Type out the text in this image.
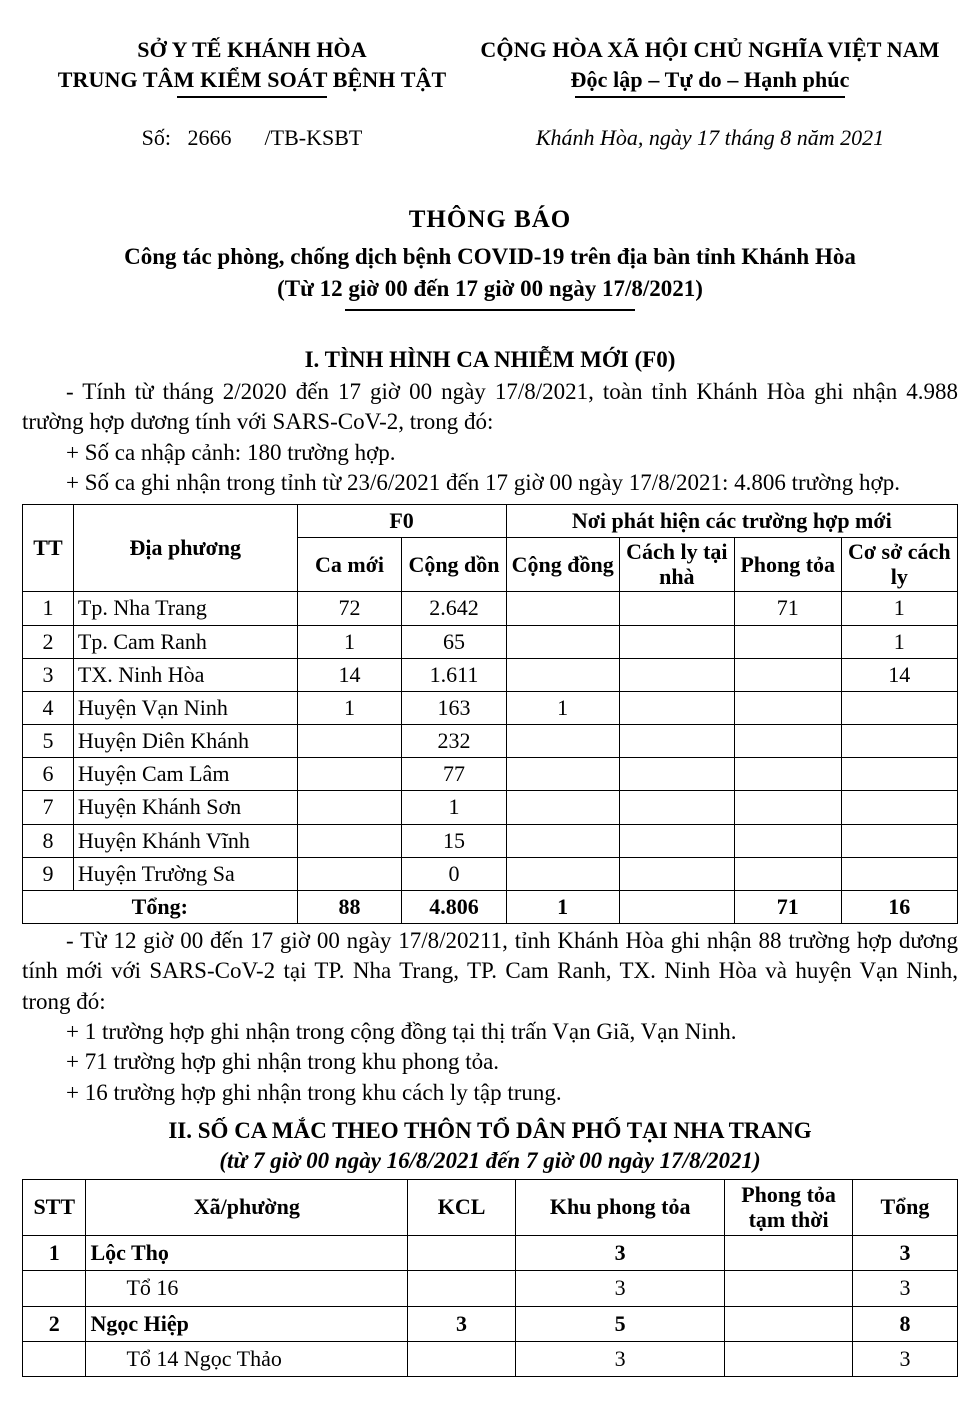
SỞ Y TẾ KHÁNH HÒA
TRUNG TÂM KIỂM SOÁT BỆNH TẬT
CỘNG HÒA XÃ HỘI CHỦ NGHĨA VIỆT NAM
Độc lập – Tự do – Hạnh phúc
Số:   2666      /TB-KSBT	Khánh Hòa, ngày 17 tháng 8 năm 2021
THÔNG BÁO
Công tác phòng, chống dịch bệnh COVID-19 trên địa bàn tỉnh Khánh Hòa
(Từ 12 giờ 00 đến 17 giờ 00 ngày 17/8/2021)
I. TÌNH HÌNH CA NHIỄM MỚI (F0)

- Tính từ tháng 2/2020 đến 17 giờ 00 ngày 17/8/2021, toàn tỉnh Khánh Hòa ghi nhận 4.988 trường hợp dương tính với SARS-CoV-2, trong đó:

+ Số ca nhập cảnh: 180 trường hợp.

+ Số ca ghi nhận trong tỉnh từ 23/6/2021 đến 17 giờ 00 ngày 17/8/2021: 4.806 trường hợp.

TT	Địa phương	F0		Nơi phát hiện các trường hợp mới			
		Ca mới	Cộng dồn	Cộng đồng	Cách ly tại nhà	Phong tỏa	Cơ sở cách ly
1	Tp. Nha Trang	72	2.642			71	1
2	Tp. Cam Ranh	1	65				1
3	TX. Ninh Hòa	14	1.611				14
4	Huyện Vạn Ninh	1	163	1			
5	Huyện Diên Khánh		232				
6	Huyện Cam Lâm		77				
7	Huyện Khánh Sơn		1				
8	Huyện Khánh Vĩnh		15				
9	Huyện Trường Sa		0				
Tổng:		88	4.806	1		71	16

- Từ 12 giờ 00 đến 17 giờ 00 ngày 17/8/20211, tỉnh Khánh Hòa ghi nhận 88 trường hợp dương tính mới với SARS-CoV-2 tại TP. Nha Trang, TP. Cam Ranh, TX. Ninh Hòa và huyện Vạn Ninh, trong đó:

+ 1 trường hợp ghi nhận trong cộng đồng tại thị trấn Vạn Giã, Vạn Ninh.

+ 71 trường hợp ghi nhận trong khu phong tỏa.

+ 16 trường hợp ghi nhận trong khu cách ly tập trung.

II. SỐ CA MẮC THEO THÔN TỔ DÂN PHỐ TẠI NHA TRANG
(từ 7 giờ 00 ngày 16/8/2021 đến 7 giờ 00 ngày 17/8/2021)
STT	Xã/phường	KCL	Khu phong tỏa	Phong tỏa tạm thời	Tổng
1	Lộc Thọ		3		3
	Tổ 16		3		3
2	Ngọc Hiệp	3	5		8
	Tổ 14 Ngọc Thảo		3		3
